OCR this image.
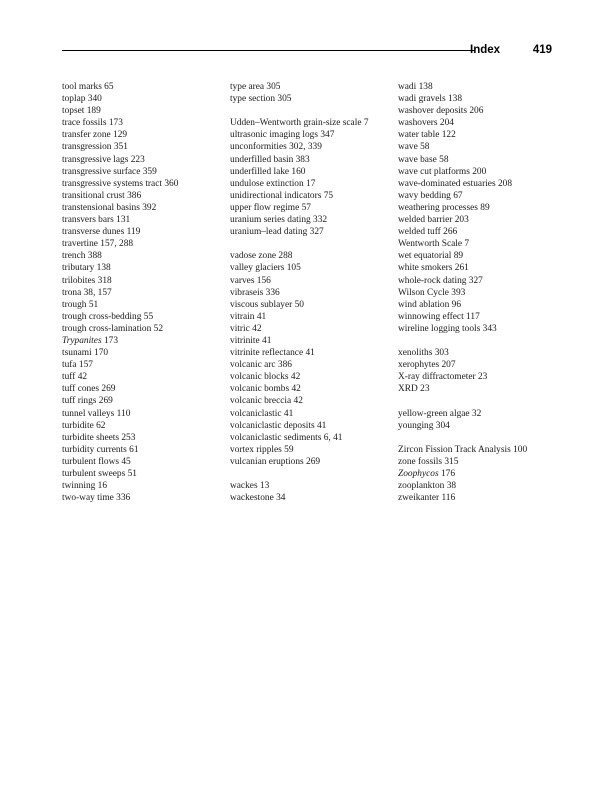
Index	419
tool marks 65
toplap 340
topset 189
trace fossils 173
transfer zone 129
transgression 351
transgressive lags 223
transgressive surface 359
transgressive systems tract 360
transitional crust 386
transtensional basins 392
transvers bars 131
transverse dunes 119
travertine 157, 288
trench 388
tributary 138
trilobites 318
trona 38, 157
trough 51
trough cross-bedding 55
trough cross-lamination 52
Trypanites 173
tsunami 170
tufa 157
tuff 42
tuff cones 269
tuff rings 269
tunnel valleys 110
turbidite 62
turbidite sheets 253
turbidity currents 61
turbulent flows 45
turbulent sweeps 51
twinning 16
two-way time 336
type area 305
type section 305
Udden–Wentworth grain-size scale 7
ultrasonic imaging logs 347
unconformities 302, 339
underfilled basin 383
underfilled lake 160
undulose extinction 17
unidirectional indicators 75
upper flow regime 57
uranium series dating 332
uranium–lead dating 327
vadose zone 288
valley glaciers 105
varves 156
vibraseis 336
viscous sublayer 50
vitrain 41
vitric 42
vitrinite 41
vitrinite reflectance 41
volcanic arc 386
volcanic blocks 42
volcanic bombs 42
volcanic breccia 42
volcaniclastic 41
volcaniclastic deposits 41
volcaniclastic sediments 6, 41
vortex ripples 59
vulcanian eruptions 269
wackes 13
wackestone 34
wadi 138
wadi gravels 138
washover deposits 206
washovers 204
water table 122
wave 58
wave base 58
wave cut platforms 200
wave-dominated estuaries 208
wavy bedding 67
weathering processes 89
welded barrier 203
welded tuff 266
Wentworth Scale 7
wet equatorial 89
white smokers 261
whole-rock dating 327
Wilson Cycle 393
wind ablation 96
winnowing effect 117
wireline logging tools 343
xenoliths 303
xerophytes 207
X-ray diffractometer 23
XRD 23
yellow-green algae 32
younging 304
Zircon Fission Track Analysis 100
zone fossils 315
Zoophycos 176
zooplankton 38
zweikanter 116
